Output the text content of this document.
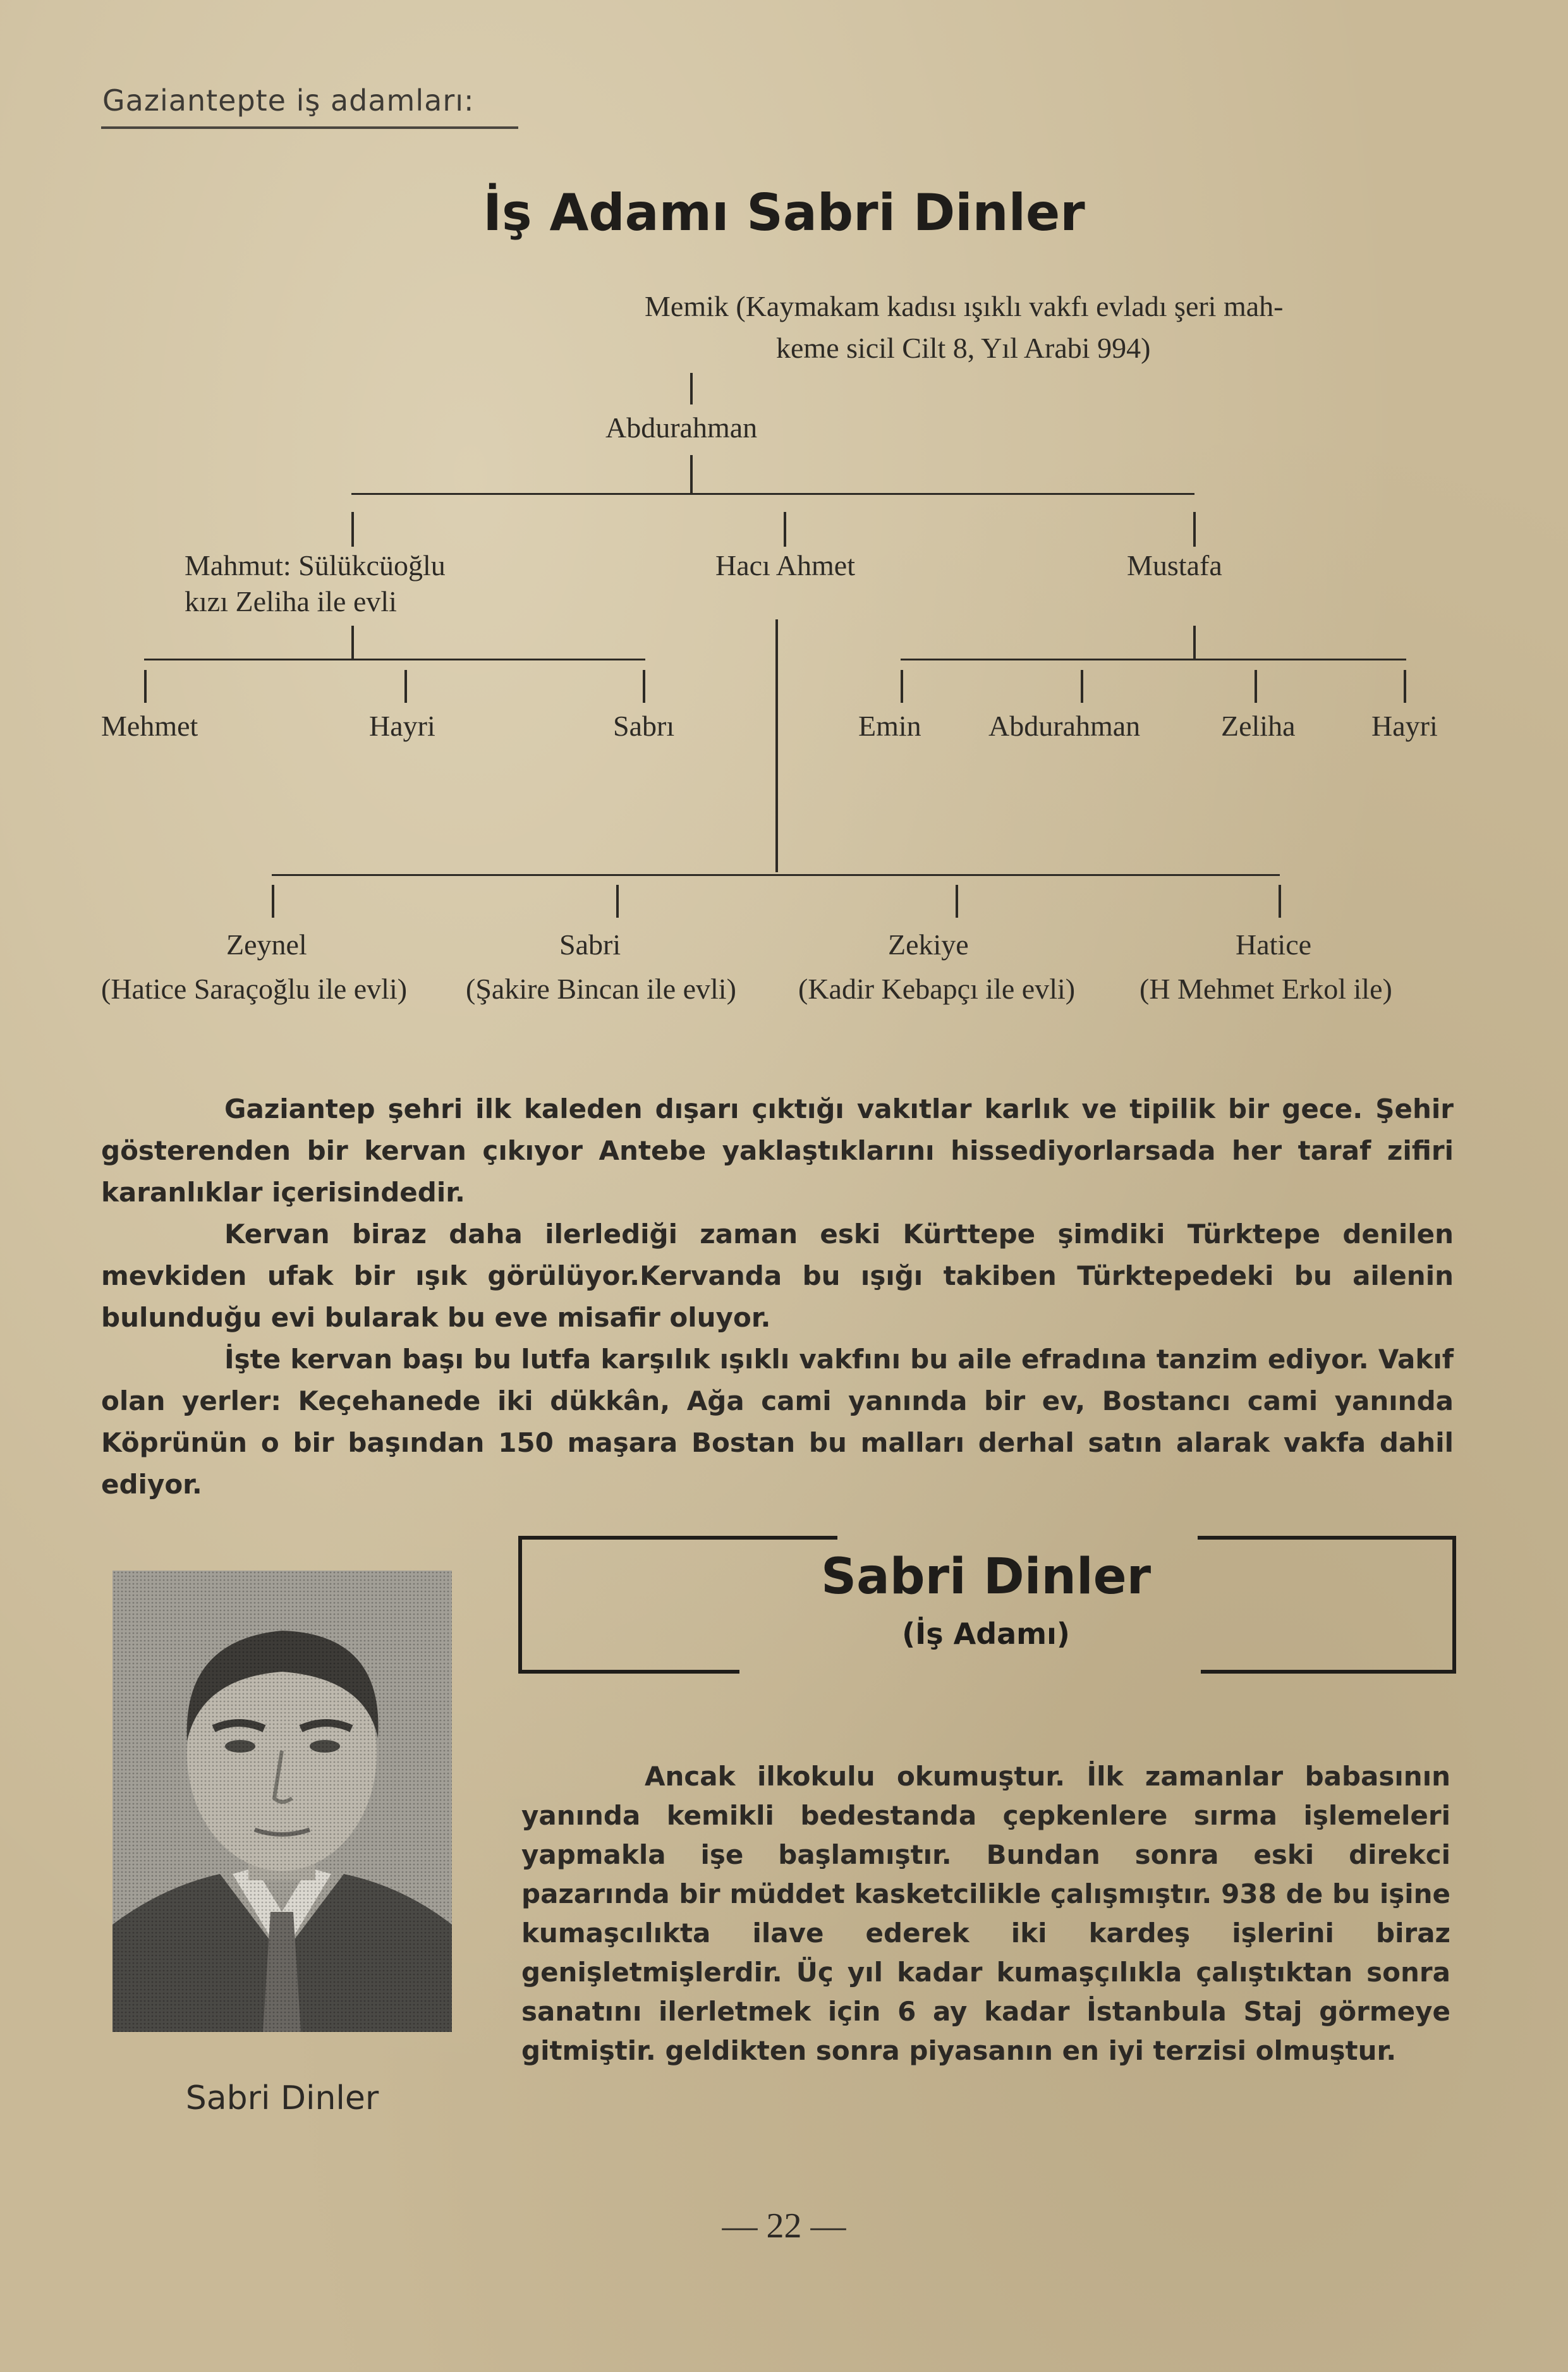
Gaziantepte iş adamları:
İş Adamı Sabri Dinler
Memik (Kaymakam kadısı ışıklı vakfı evladı şeri mah-
keme sicil Cilt 8, Yıl Arabi 994)
Abdurahman
Mahmut: Sülükcüoğlu
kızı Zeliha ile evli
Hacı Ahmet	Mustafa
Mehmet	Hayri	Sabrı	Emin Abdurahman	Zeliha	Hayri
Zeynel	Sabri	Zekiye	Hatice
(Hatice Saraçoğlu ile evli) (Şakire Bincan ile evli) (Kadir Kebapçı ile evli) (H Mehmet Erkol ile)

Gaziantep şehri ilk kaleden dışarı çıktığı vakıtlar karlık ve tipilik bir gece. Şehir gösterenden bir kervan çıkıyor Antebe yaklaştıklarını hissediyorlarsada her taraf zifiri karanlıklar içerisindedir.

Kervan biraz daha ilerlediği zaman eski Kürttepe şimdiki Türktepe denilen mevkiden ufak bir ışık görülüyor.Kervanda bu ışığı takiben Türktepedeki bu ailenin bulunduğu evi bularak bu eve misafir oluyor.

İşte kervan başı bu lutfa karşılık ışıklı vakfını bu aile efradına tanzim ediyor. Vakıf olan yerler: Keçehanede iki dükkân, Ağa cami yanında bir ev, Bostancı cami yanında Köprünün o bir başından 150 maşara Bostan bu malları derhal satın alarak vakfa dahil ediyor.

Sabri Dinler
(İş Adamı)
Sabri Dinler

Ancak ilkokulu okumuştur. İlk zamanlar babasının yanında kemikli bedestanda çepkenlere sırma işlemeleri yapmakla işe başlamıştır. Bundan sonra eski direkci pazarında bir müddet kasketcilikle çalışmıştır. 938 de bu işine kumaşcılıkta ilave ederek iki kardeş işlerini biraz genişletmişlerdir. Üç yıl kadar kumaşçılıkla çalıştıktan sonra sanatını ilerletmek için 6 ay kadar İstanbula Staj görmeye gitmiştir. geldikten sonra piyasanın en iyi terzisi olmuştur.

— 22 —
